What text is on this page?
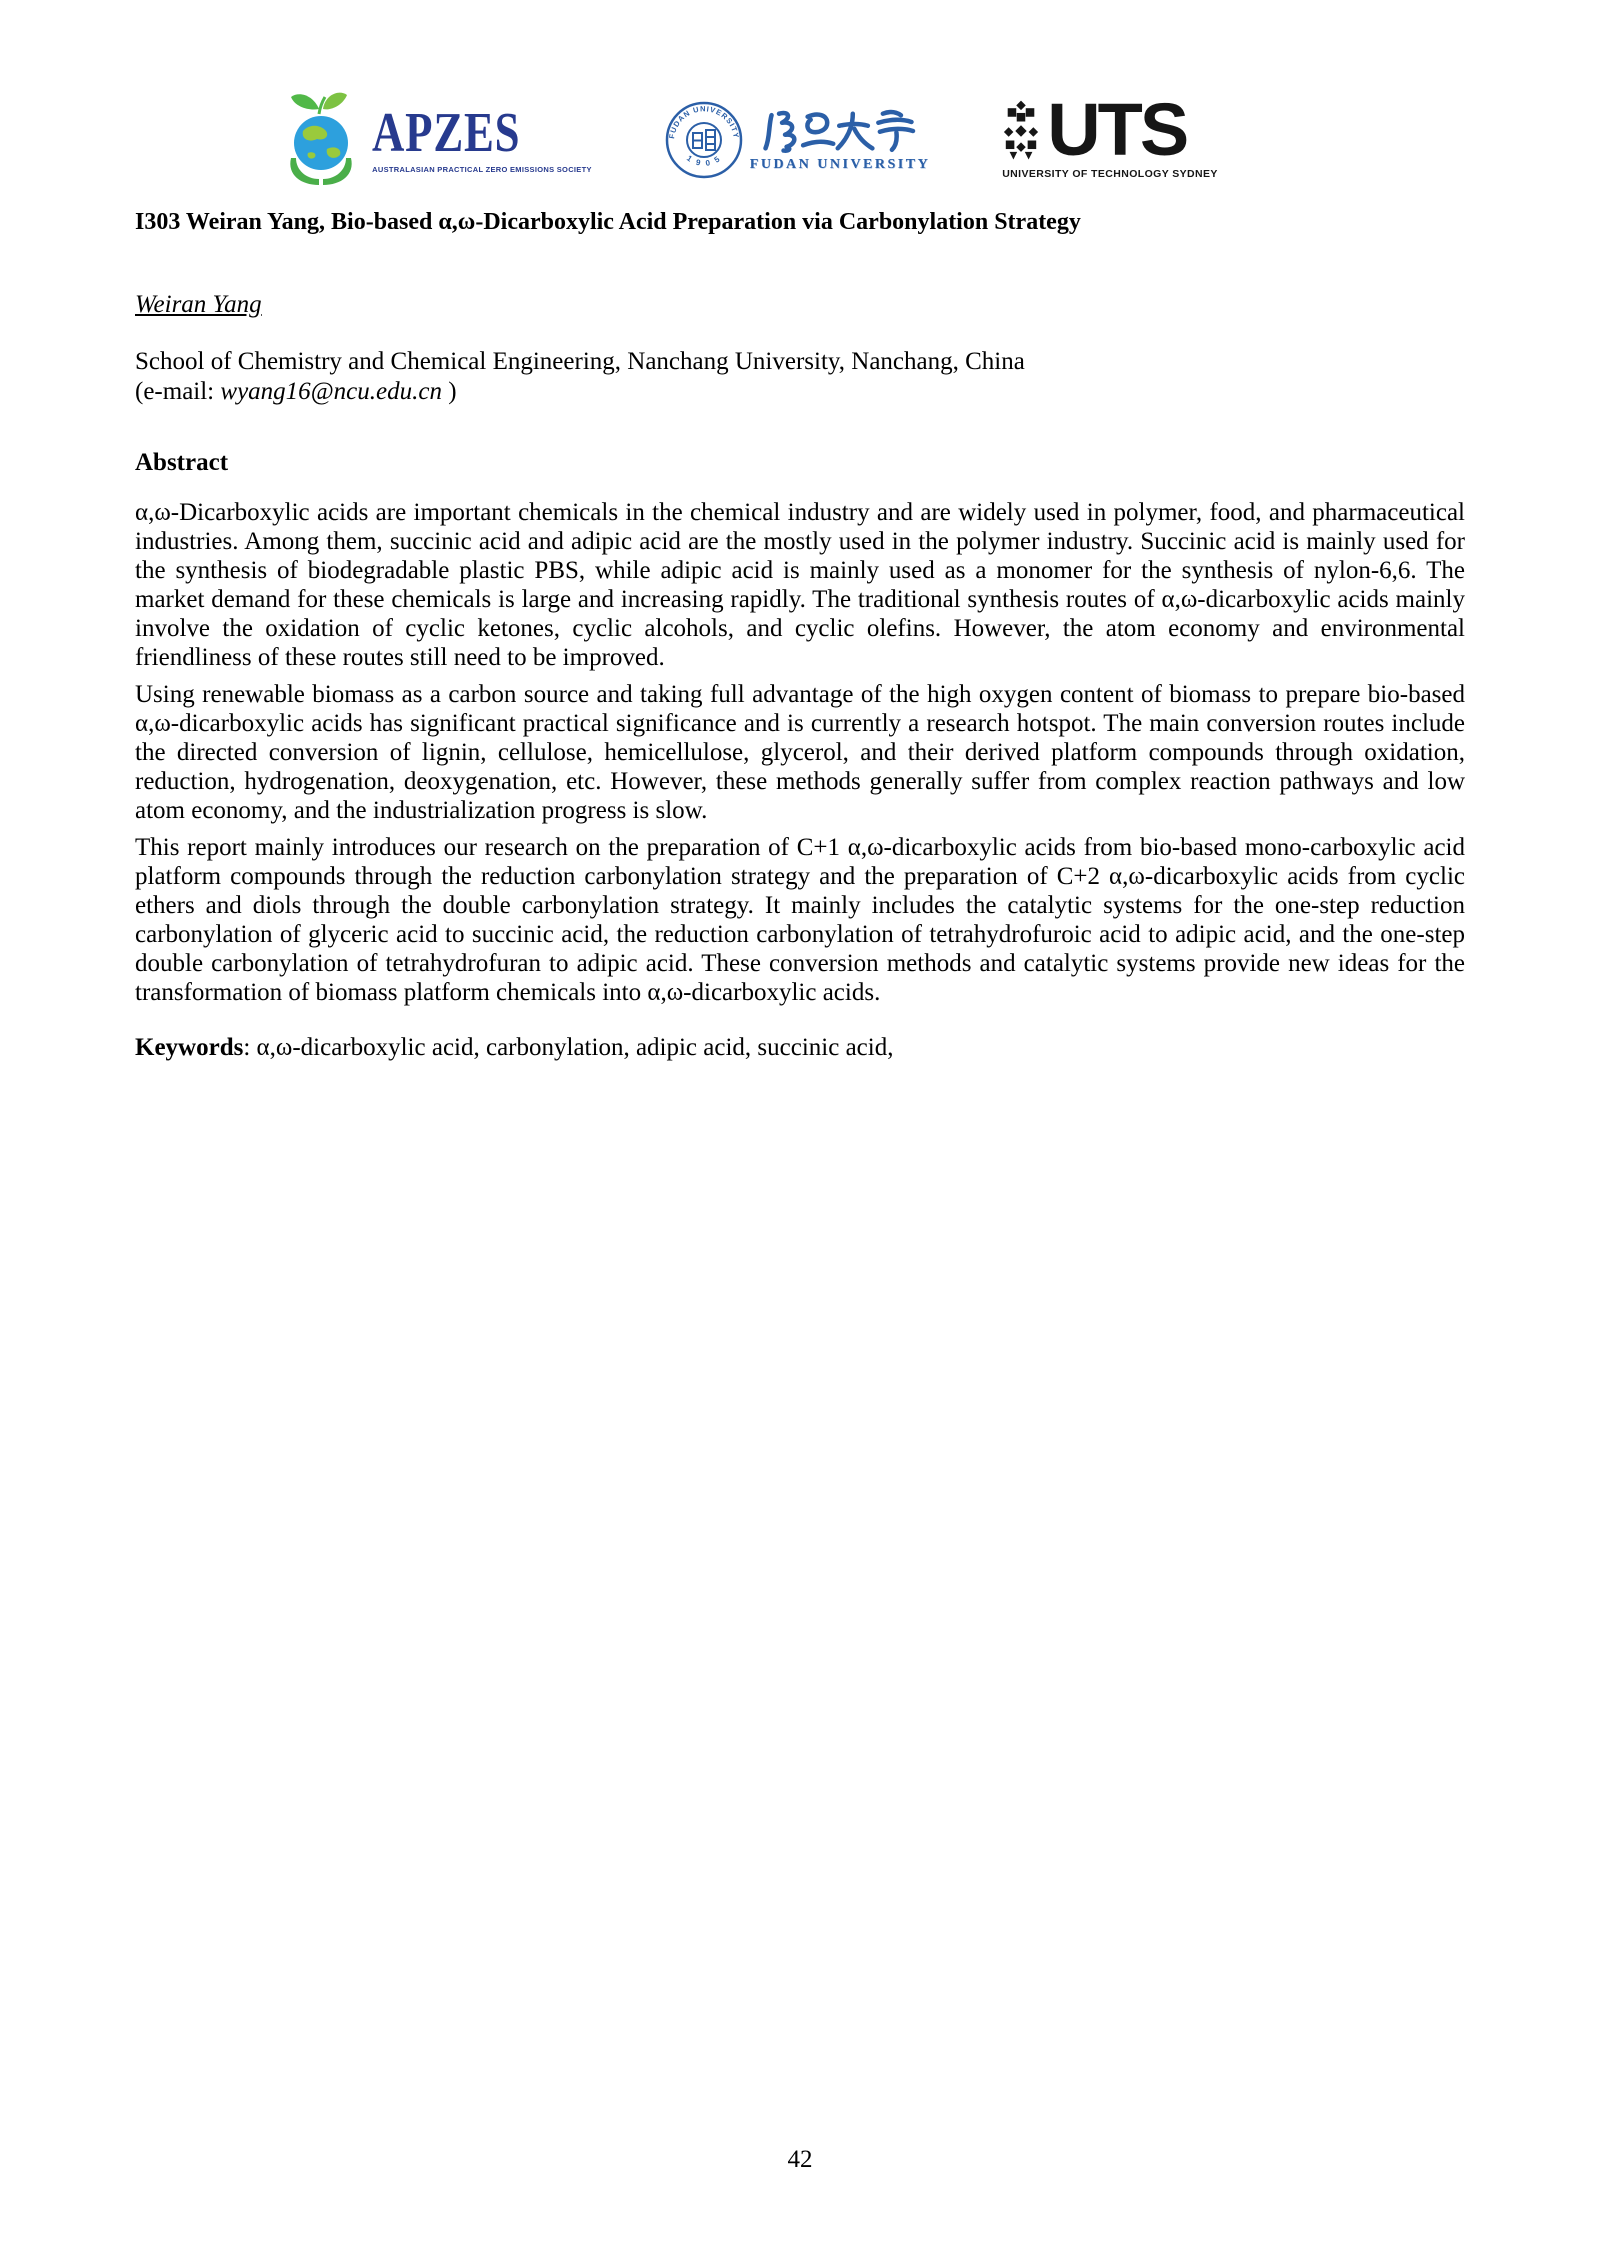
APZES
AUSTRALASIAN PRACTICAL ZERO EMISSIONS SOCIETY
FUDAN UNIVERSITY
1 9 0 5 FUDAN UNIVERSITY UTS
UNIVERSITY OF TECHNOLOGY SYDNEY
I303 Weiran Yang, Bio-based α,ω-Dicarboxylic Acid Preparation via Carbonylation Strategy
Weiran Yang
School of Chemistry and Chemical Engineering, Nanchang University, Nanchang, China
(e-mail: wyang16@ncu.edu.cn )
Abstract

α,ω-Dicarboxylic acids are important chemicals in the chemical industry and are widely used in polymer, food, and pharmaceutical industries. Among them, succinic acid and adipic acid are the mostly used in the polymer industry. Succinic acid is mainly used for the synthesis of biodegradable plastic PBS, while adipic acid is mainly used as a monomer for the synthesis of nylon-6,6. The market demand for these chemicals is large and increasing rapidly. The traditional synthesis routes of α,ω-dicarboxylic acids mainly involve the oxidation of cyclic ketones, cyclic alcohols, and cyclic olefins. However, the atom economy and environmental friendliness of these routes still need to be improved.

Using renewable biomass as a carbon source and taking full advantage of the high oxygen content of biomass to prepare bio-based α,ω-dicarboxylic acids has significant practical significance and is currently a research hotspot. The main conversion routes include the directed conversion of lignin, cellulose, hemicellulose, glycerol, and their derived platform compounds through oxidation, reduction, hydrogenation, deoxygenation, etc. However, these methods generally suffer from complex reaction pathways and low atom economy, and the industrialization progress is slow.

This report mainly introduces our research on the preparation of C+1 α,ω-dicarboxylic acids from bio-based mono-carboxylic acid platform compounds through the reduction carbonylation strategy and the preparation of C+2 α,ω-dicarboxylic acids from cyclic ethers and diols through the double carbonylation strategy. It mainly includes the catalytic systems for the one-step reduction carbonylation of glyceric acid to succinic acid, the reduction carbonylation of tetrahydrofuroic acid to adipic acid, and the one-step double carbonylation of tetrahydrofuran to adipic acid. These conversion methods and catalytic systems provide new ideas for the transformation of biomass platform chemicals into α,ω-dicarboxylic acids.

Keywords: α,ω-dicarboxylic acid, carbonylation, adipic acid, succinic acid,
42
